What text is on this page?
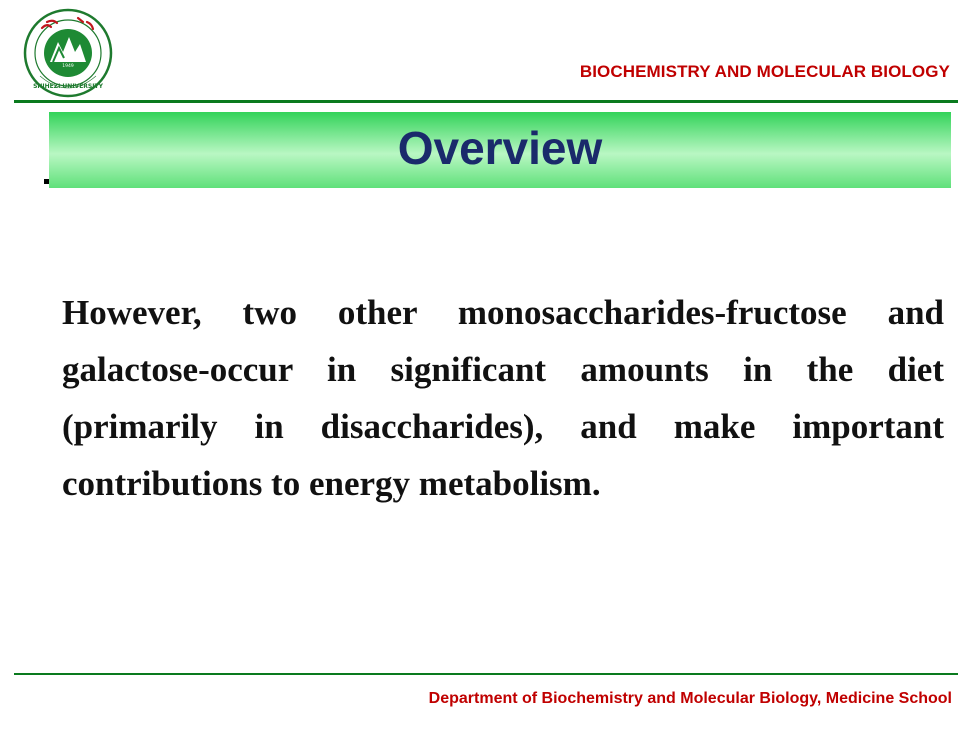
1949
SHIHEZI UNIVERSITY
BIOCHEMISTRY AND MOLECULAR BIOLOGY
Overview
However, two other monosaccharides-fructose and galactose-occur in significant amounts in the diet (primarily in disaccharides), and make important contributions to energy metabolism.
Department of Biochemistry and Molecular Biology, Medicine School
